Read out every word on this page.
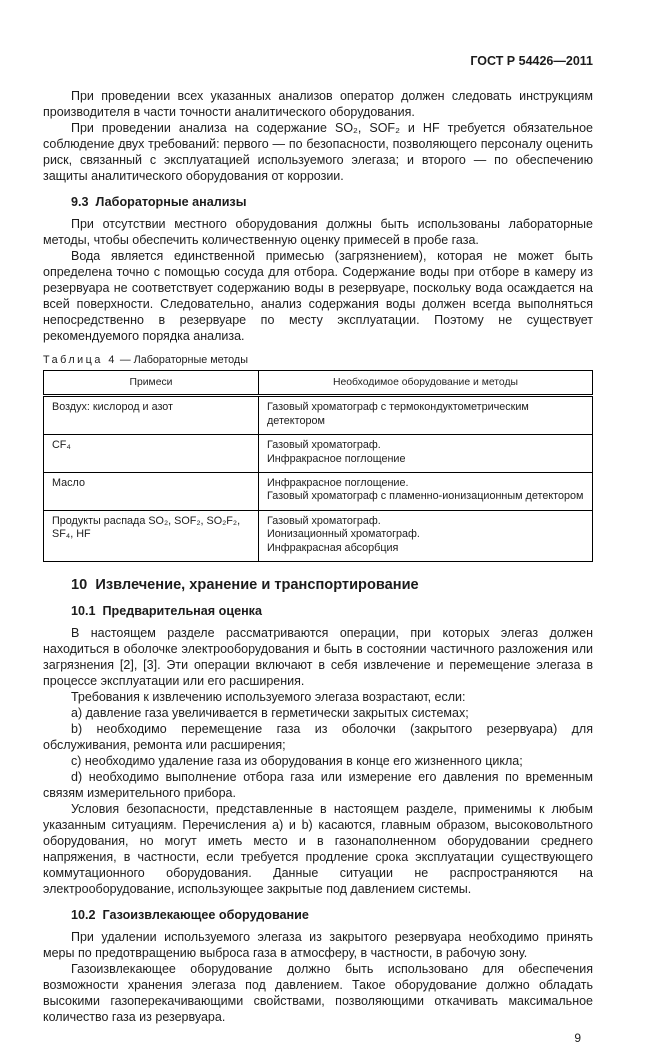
ГОСТ Р 54426—2011

При проведении всех указанных анализов оператор должен следовать инструкциям производителя в части точности аналитического оборудования.

При проведении анализа на содержание SO₂, SOF₂ и HF требуется обязательное соблюдение двух требований: первого — по безопасности, позволяющего персоналу оценить риск, связанный с эксплуатацией используемого элегаза; и второго — по обеспечению защиты аналитического оборудования от коррозии.

9.3  Лабораторные анализы

При отсутствии местного оборудования должны быть использованы лабораторные методы, чтобы обеспечить количественную оценку примесей в пробе газа.

Вода является единственной примесью (загрязнением), которая не может быть определена точно с помощью сосуда для отбора. Содержание воды при отборе в камеру из резервуара не соответствует содержанию воды в резервуаре, поскольку вода осаждается на всей поверхности. Следовательно, анализ содержания воды должен всегда выполняться непосредственно в резервуаре по месту эксплуатации. Поэтому не существует рекомендуемого порядка анализа.

Таблица 4 — Лабораторные методы
Примеси	Необходимое оборудование и методы
Воздух: кислород и азот	Газовый хроматограф с термокондуктометрическим детектором

CF₄	Газовый хроматограф.
Инфракрасное поглощение

Масло	Инфракрасное поглощение.
Газовый хроматограф с пламенно-ионизационным детектором

Продукты распада SO₂, SOF₂, SO₂F₂, SF₄, HF	Газовый хроматограф.
Ионизационный хроматограф.
Инфракрасная абсорбция
10  Извлечение, хранение и транспортирование
10.1  Предварительная оценка

В настоящем разделе рассматриваются операции, при которых элегаз должен находиться в оболочке электрооборудования и быть в состоянии частичного разложения или загрязнения [2], [3]. Эти операции включают в себя извлечение и перемещение элегаза в процессе эксплуатации или его расширения.

Требования к извлечению используемого элегаза возрастают, если:

a) давление газа увеличивается в герметически закрытых системах;

b) необходимо перемещение газа из оболочки (закрытого резервуара) для обслуживания, ремонта или расширения;

c) необходимо удаление газа из оборудования в конце его жизненного цикла;

d) необходимо выполнение отбора газа или измерение его давления по временным связям измерительного прибора.

Условия безопасности, представленные в настоящем разделе, применимы к любым указанным ситуациям. Перечисления a) и b) касаются, главным образом, высоковольтного оборудования, но могут иметь место и в газонаполненном оборудовании среднего напряжения, в частности, если требуется продление срока эксплуатации существующего коммутационного оборудования. Данные ситуации не распространяются на электрооборудование, использующее закрытые под давлением системы.

10.2  Газоизвлекающее оборудование

При удалении используемого элегаза из закрытого резервуара необходимо принять меры по предотвращению выброса газа в атмосферу, в частности, в рабочую зону.

Газоизвлекающее оборудование должно быть использовано для обеспечения возможности хранения элегаза под давлением. Такое оборудование должно обладать высокими газоперекачивающими свойствами, позволяющими откачивать максимальное количество газа из резервуара.

9
